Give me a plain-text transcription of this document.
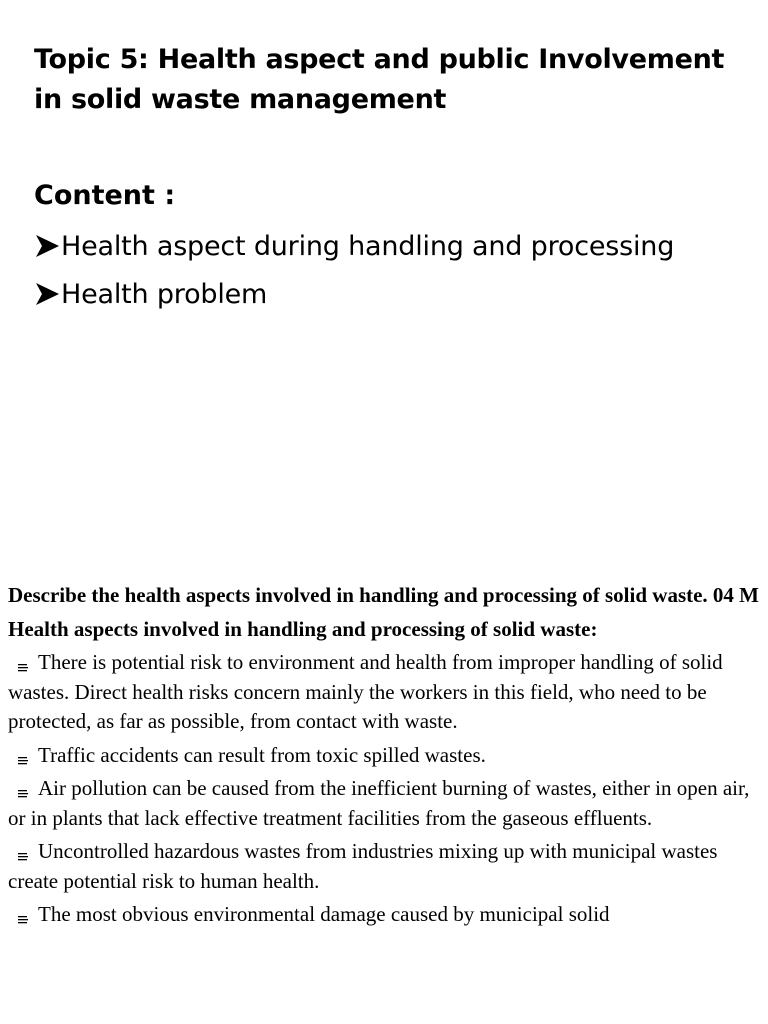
Topic 5: Health aspect and public Involvement in solid waste management
Content :
Health aspect during handling and processing
Health problem

Describe the health aspects involved in handling and processing of solid waste. 04 M

Health aspects involved in handling and processing of solid waste:

There is potential risk to environment and health from improper handling of solid wastes. Direct health risks concern mainly the workers in this field, who need to be protected, as far as possible, from contact with waste.

Traffic accidents can result from toxic spilled wastes.

Air pollution can be caused from the inefficient burning of wastes, either in open air, or in plants that lack effective treatment facilities from the gaseous effluents.

Uncontrolled hazardous wastes from industries mixing up with municipal wastes create potential risk to human health.

The most obvious environmental damage caused by municipal solid
